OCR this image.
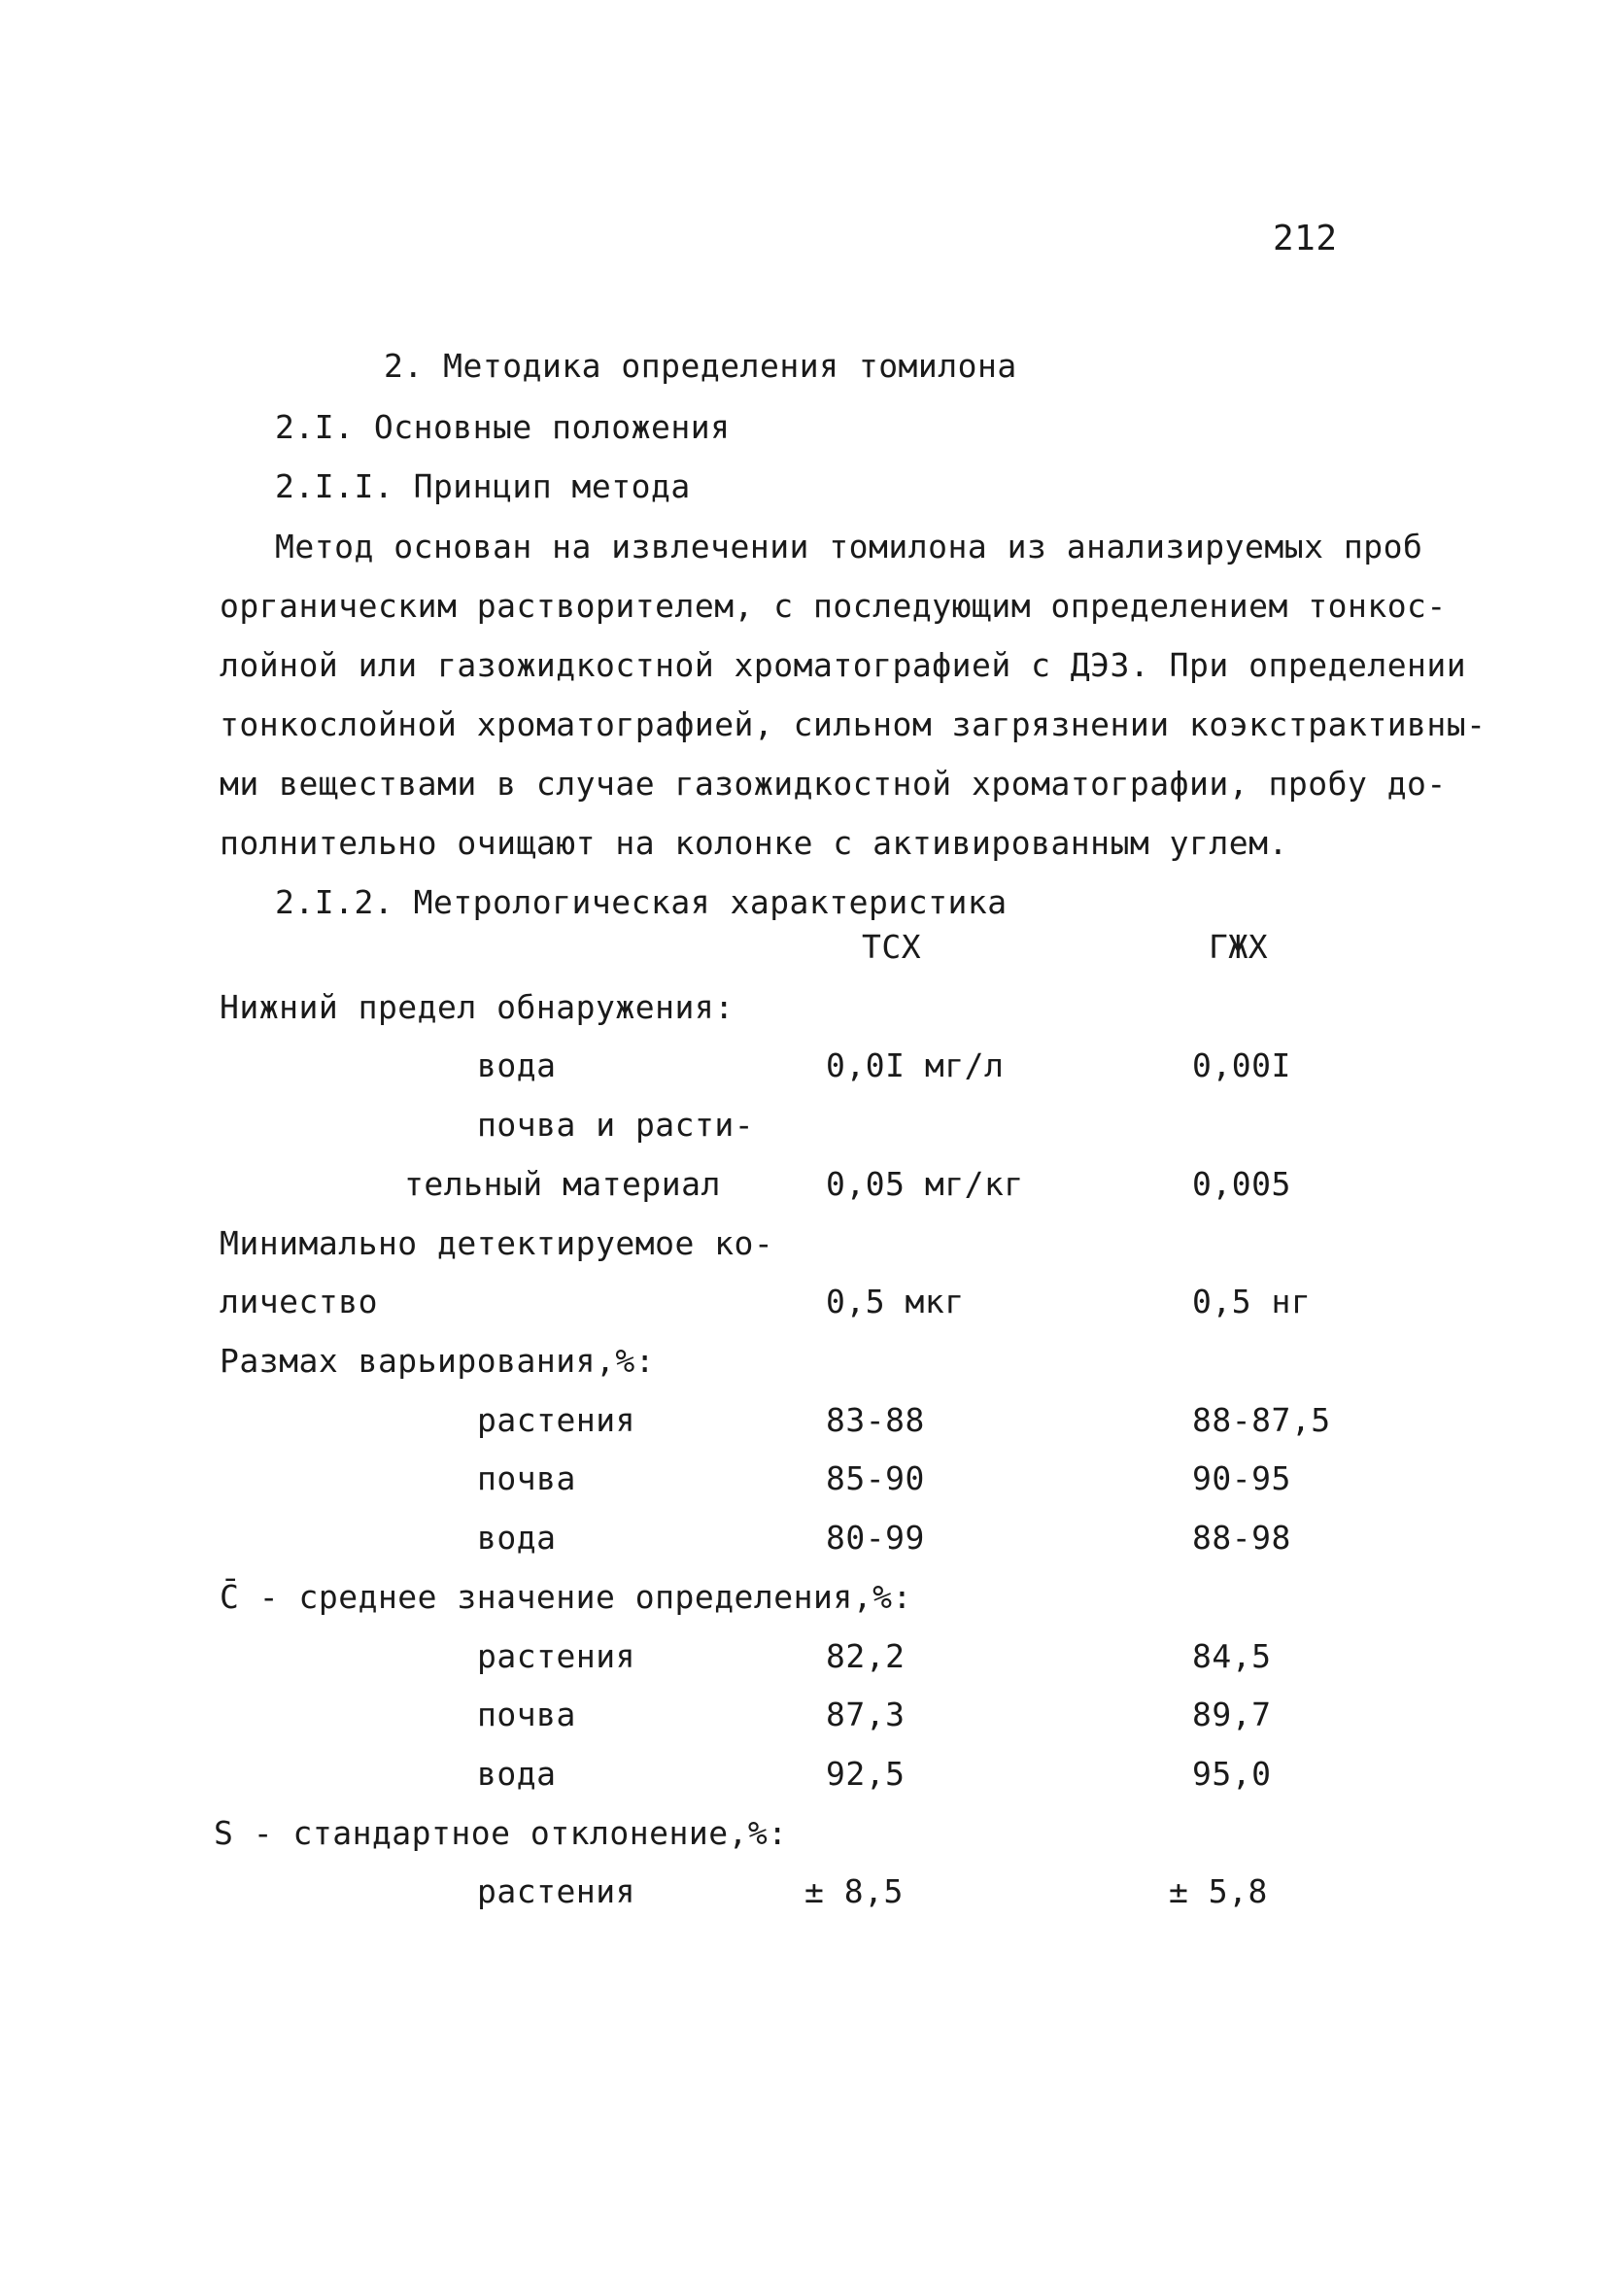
212
2. Методика определения томилона
2.I. Основные положения
2.I.I. Принцип метода
Метод основан на извлечении томилона из анализируемых проб
органическим растворителем, с последующим определением тонкос-
лойной или газожидкостной хроматографией с ДЭЗ. При определении
тонкослойной хроматографией, сильном загрязнении коэкстрактивны-
ми веществами в случае газожидкостной хроматографии, пробу до-
полнительно очищают на колонке с активированным углем.
2.I.2. Метрологическая характеристика
ТСХ	ГЖХ
Нижний предел обнаружения:
вода	0,0I мг/л	0,00I
почва и расти-
тельный материал	0,05 мг/кг	0,005
Минимально детектируемое ко-
личество	0,5 мкг	0,5 нг
Размах варьирования,%:
растения	83-88	88-87,5
почва	85-90	90-95
вода	80-99	88-98
C̄ - среднее значение определения,%:
растения	82,2	84,5
почва	87,3	89,7
вода	92,5	95,0
S - стандартное отклонение,%:
растения	± 8,5	± 5,8
